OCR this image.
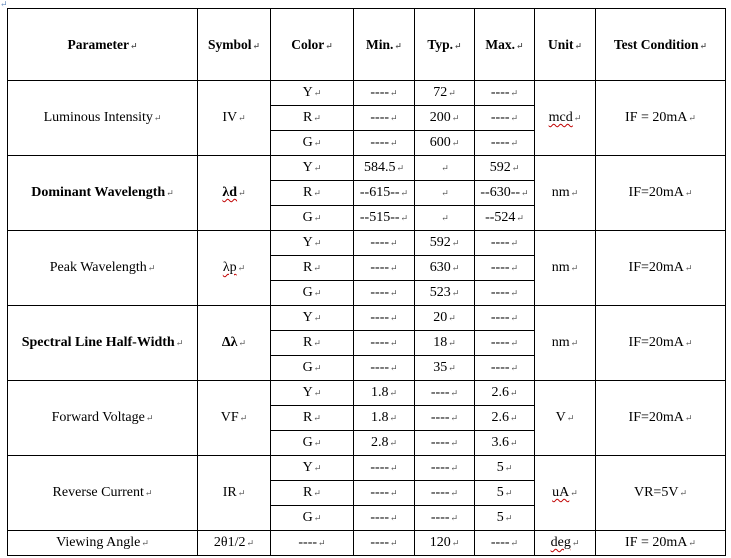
↵
Parameter↵	Symbol↵	Color↵	Min.↵	Typ.↵	Max.↵	Unit↵	Test Condition↵
Luminous Intensity↵	IV↵	Y↵	----↵	72↵	----↵	mcd↵	IF = 20mA↵
		R↵	----↵	200↵	----↵		
		G↵	----↵	600↵	----↵		
Dominant Wavelength↵	λd↵	Y↵	584.5↵	↵	592↵	nm↵	IF=20mA↵
		R↵	--615--↵	↵	--630--↵		
		G↵	--515--↵	↵	--524↵		
Peak Wavelength↵	λp↵	Y↵	----↵	592↵	----↵	nm↵	IF=20mA↵
		R↵	----↵	630↵	----↵		
		G↵	----↵	523↵	----↵		
Spectral Line Half-Width↵	Δλ↵	Y↵	----↵	20↵	----↵	nm↵	IF=20mA↵
		R↵	----↵	18↵	----↵		
		G↵	----↵	35↵	----↵		
Forward Voltage↵	VF↵	Y↵	1.8↵	----↵	2.6↵	V↵	IF=20mA↵
		R↵	1.8↵	----↵	2.6↵		
		G↵	2.8↵	----↵	3.6↵		
Reverse Current↵	IR↵	Y↵	----↵	----↵	5↵	uA↵	VR=5V↵
		R↵	----↵	----↵	5↵		
		G↵	----↵	----↵	5↵		
Viewing Angle↵	2θ1/2↵	----↵	----↵	120↵	----↵	deg↵	IF = 20mA↵
